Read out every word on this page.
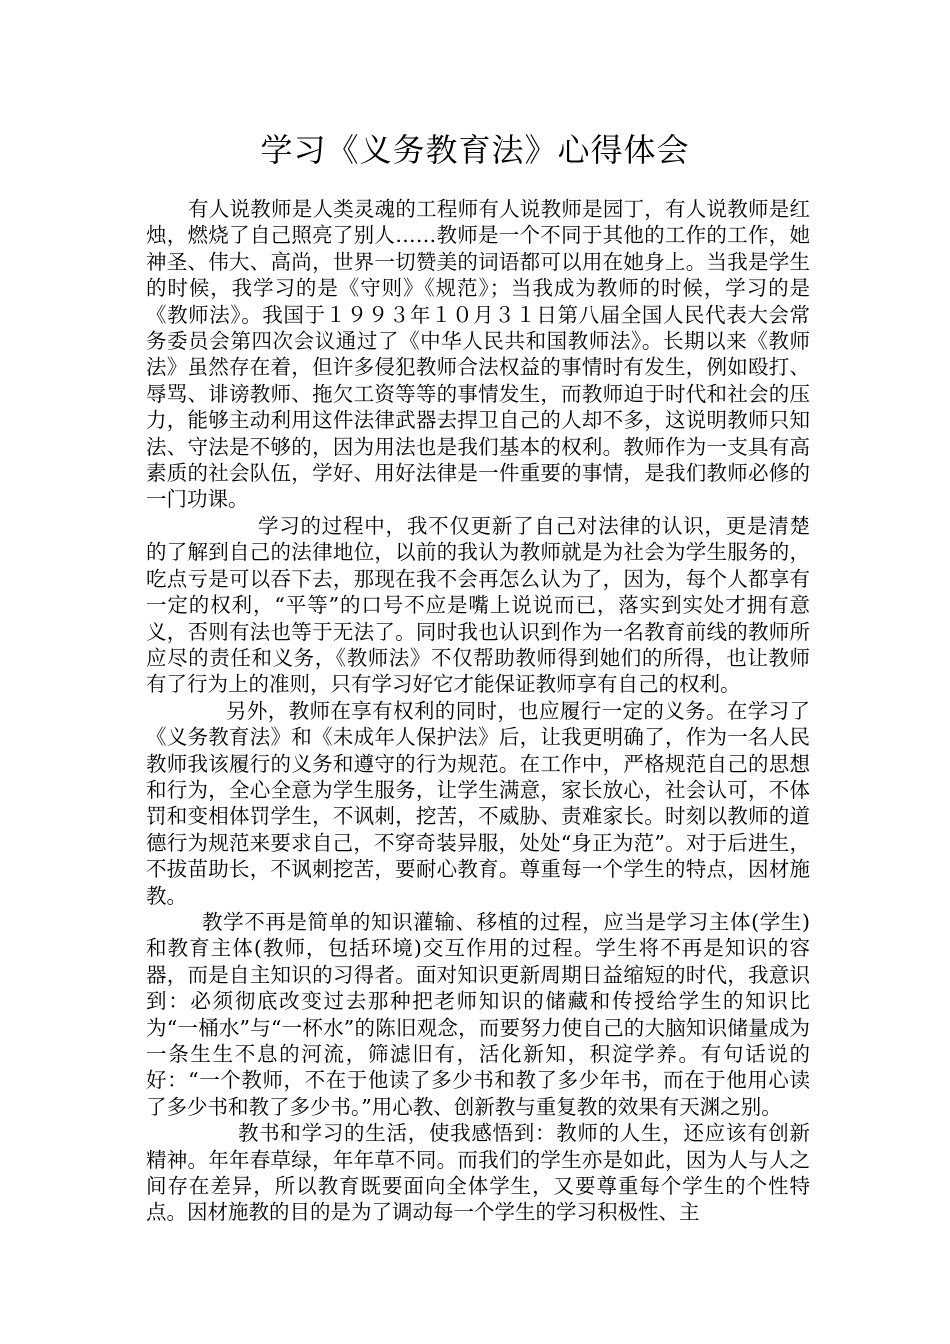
学习《义务教育法》心得体会

有人说教师是人类灵魂的工程师有人说教师是园丁，有人说教师是红烛，燃烧了自己照亮了别人……教师是一个不同于其他的工作的工作，她神圣、伟大、高尚，世界一切赞美的词语都可以用在她身上。当我是学生的时候，我学习的是《守则》《规范》；当我成为教师的时候，学习的是《教师法》。我国于１９９３年１０月３１日第八届全国人民代表大会常务委员会第四次会议通过了《中华人民共和国教师法》。长期以来《教师法》虽然存在着，但许多侵犯教师合法权益的事情时有发生，例如殴打、辱骂、诽谤教师、拖欠工资等等的事情发生，而教师迫于时代和社会的压力，能够主动利用这件法律武器去捍卫自己的人却不多，这说明教师只知法、守法是不够的，因为用法也是我们基本的权利。教师作为一支具有高素质的社会队伍，学好、用好法律是一件重要的事情，是我们教师必修的一门功课。

学习的过程中，我不仅更新了自己对法律的认识，更是清楚的了解到自己的法律地位，以前的我认为教师就是为社会为学生服务的，吃点亏是可以吞下去，那现在我不会再怎么认为了，因为，每个人都享有一定的权利，“平等”的口号不应是嘴上说说而已，落实到实处才拥有意义，否则有法也等于无法了。同时我也认识到作为一名教育前线的教师所应尽的责任和义务，《教师法》不仅帮助教师得到她们的所得，也让教师有了行为上的准则，只有学习好它才能保证教师享有自己的权利。

另外，教师在享有权利的同时，也应履行一定的义务。在学习了《义务教育法》和《未成年人保护法》后，让我更明确了，作为一名人民教师我该履行的义务和遵守的行为规范。在工作中，严格规范自己的思想和行为，全心全意为学生服务，让学生满意，家长放心，社会认可，不体罚和变相体罚学生，不讽刺，挖苦，不威胁、责难家长。时刻以教师的道德行为规范来要求自己，不穿奇装异服，处处“身正为范”。对于后进生，不拔苗助长，不讽刺挖苦，要耐心教育。尊重每一个学生的特点，因材施教。

教学不再是简单的知识灌输、移植的过程，应当是学习主体(学生)和教育主体(教师，包括环境)交互作用的过程。学生将不再是知识的容器，而是自主知识的习得者。面对知识更新周期日益缩短的时代，我意识到：必须彻底改变过去那种把老师知识的储藏和传授给学生的知识比为“一桶水”与“一杯水”的陈旧观念，而要努力使自己的大脑知识储量成为一条生生不息的河流，筛滤旧有，活化新知，积淀学养。有句话说的好：“一个教师，不在于他读了多少书和教了多少年书，而在于他用心读了多少书和教了多少书。”用心教、创新教与重复教的效果有天渊之别。

教书和学习的生活，使我感悟到：教师的人生，还应该有创新精神。年年春草绿，年年草不同。而我们的学生亦是如此，因为人与人之间存在差异，所以教育既要面向全体学生，又要尊重每个学生的个性特点。因材施教的目的是为了调动每一个学生的学习积极性、主
